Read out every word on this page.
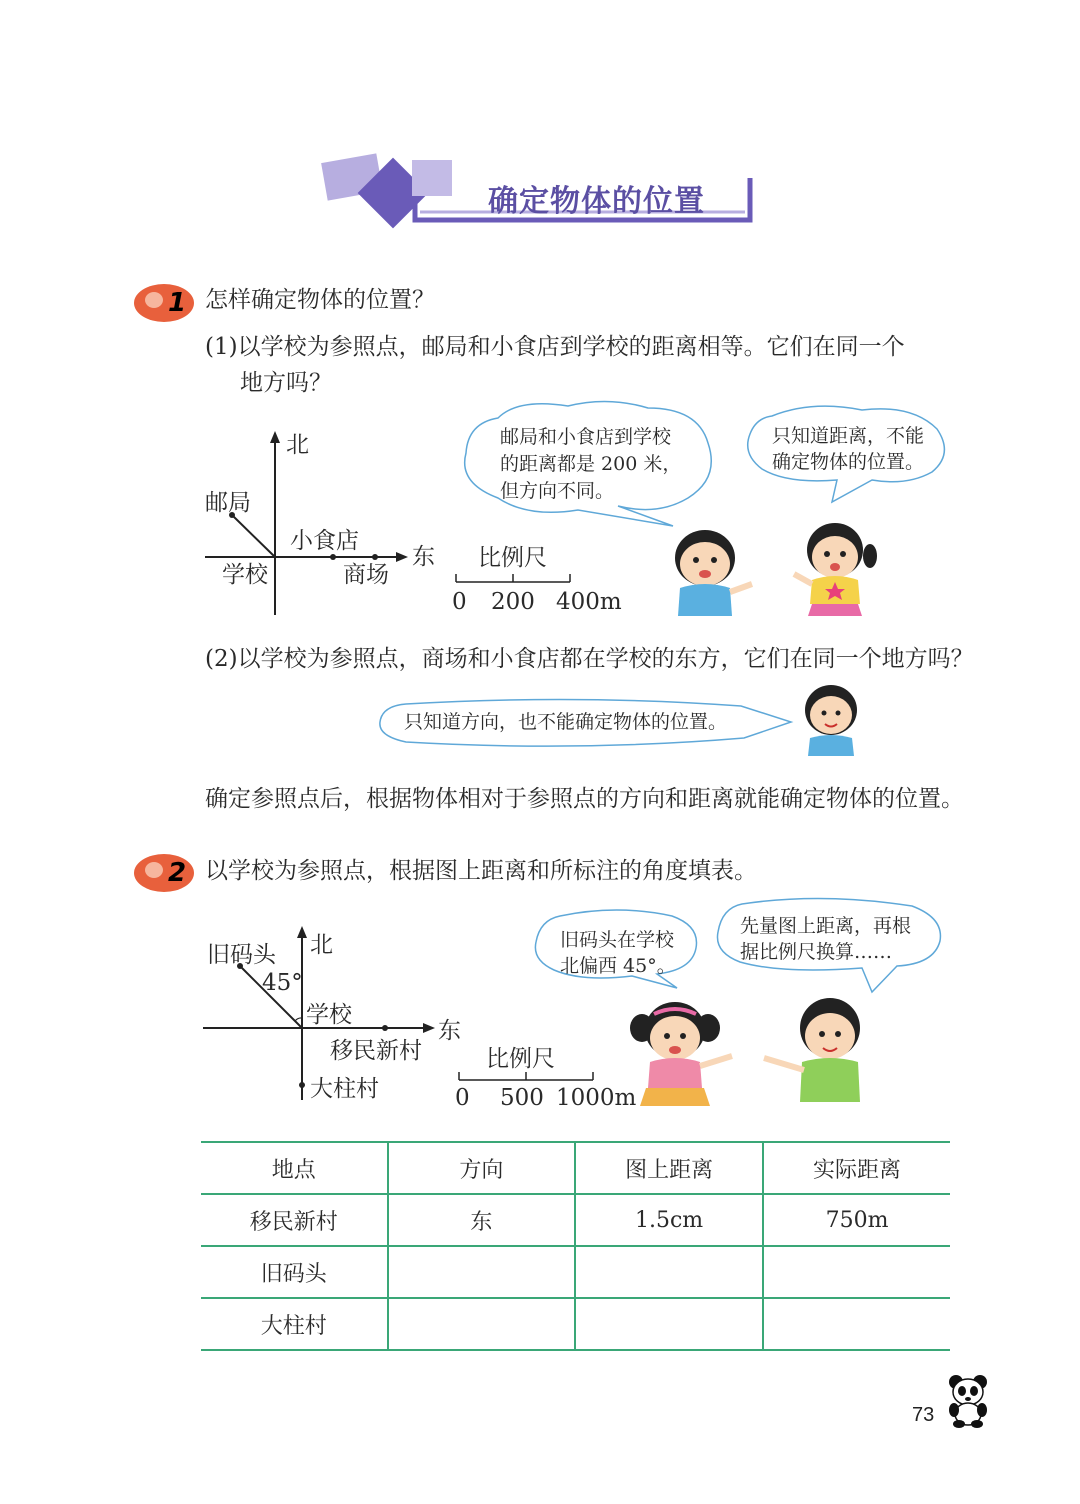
确定物体的位置
1 怎样确定物体的位置？
(1)以学校为参照点，邮局和小食店到学校的距离相等。它们在同一个
地方吗？
北
东
邮局
小食店
学校	商场
比例尺
0 200 400m
邮局和小食店到学校
的距离都是 200 米，
但方向不同。
只知道距离，不能
确定物体的位置。
(2)以学校为参照点，商场和小食店都在学校的东方，它们在同一个地方吗？
只知道方向，也不能确定物体的位置。
确定参照点后，根据物体相对于参照点的方向和距离就能确定物体的位置。
2 以学校为参照点，根据图上距离和所标注的角度填表。
北
东
旧码头
45°
学校
移民新村
大柱村
比例尺
0 500 1000m
旧码头在学校
北偏西 45°。
先量图上距离，再根
据比例尺换算……
地点	方向	图上距离	实际距离
移民新村	东	1.5cm	750m
旧码头			
大柱村			
73
